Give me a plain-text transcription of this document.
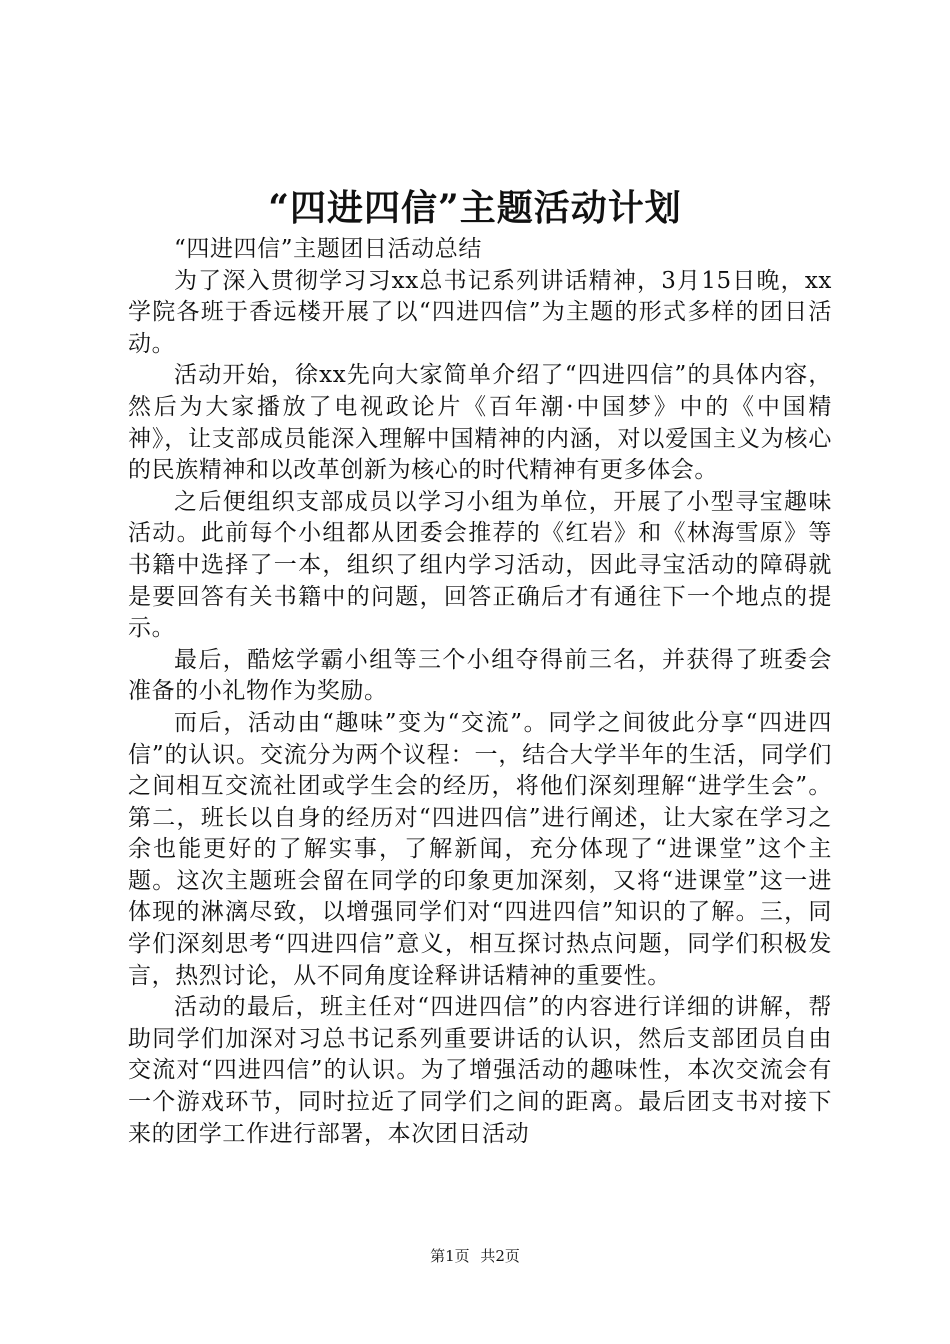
“四进四信”主题活动计划

“四进四信”主题团日活动总结

为了深入贯彻学习习xx总书记系列讲话精神，3月15日晚，xx学院各班于香远楼开展了以“四进四信”为主题的形式多样的团日活动。

活动开始，徐xx先向大家简单介绍了“四进四信”的具体内容，然后为大家播放了电视政论片《百年潮·中国梦》中的《中国精神》，让支部成员能深入理解中国精神的内涵，对以爱国主义为核心的民族精神和以改革创新为核心的时代精神有更多体会。

之后便组织支部成员以学习小组为单位，开展了小型寻宝趣味活动。此前每个小组都从团委会推荐的《红岩》和《林海雪原》等书籍中选择了一本，组织了组内学习活动，因此寻宝活动的障碍就是要回答有关书籍中的问题，回答正确后才有通往下一个地点的提示。

最后，酷炫学霸小组等三个小组夺得前三名，并获得了班委会准备的小礼物作为奖励。

而后，活动由“趣味”变为“交流”。同学之间彼此分享“四进四信”的认识。交流分为两个议程：一，结合大学半年的生活，同学们之间相互交流社团或学生会的经历，将他们深刻理解“进学生会”。第二，班长以自身的经历对“四进四信”进行阐述，让大家在学习之余也能更好的了解实事，了解新闻，充分体现了“进课堂”这个主题。这次主题班会留在同学的印象更加深刻，又将“进课堂”这一进体现的淋漓尽致，以增强同学们对“四进四信”知识的了解。三，同学们深刻思考“四进四信”意义，相互探讨热点问题，同学们积极发言，热烈讨论，从不同角度诠释讲话精神的重要性。

活动的最后，班主任对“四进四信”的内容进行详细的讲解，帮助同学们加深对习总书记系列重要讲话的认识，然后支部团员自由交流对“四进四信”的认识。为了增强活动的趣味性，本次交流会有一个游戏环节，同时拉近了同学们之间的距离。最后团支书对接下来的团学工作进行部署，本次团日活动

第1页 共2页
